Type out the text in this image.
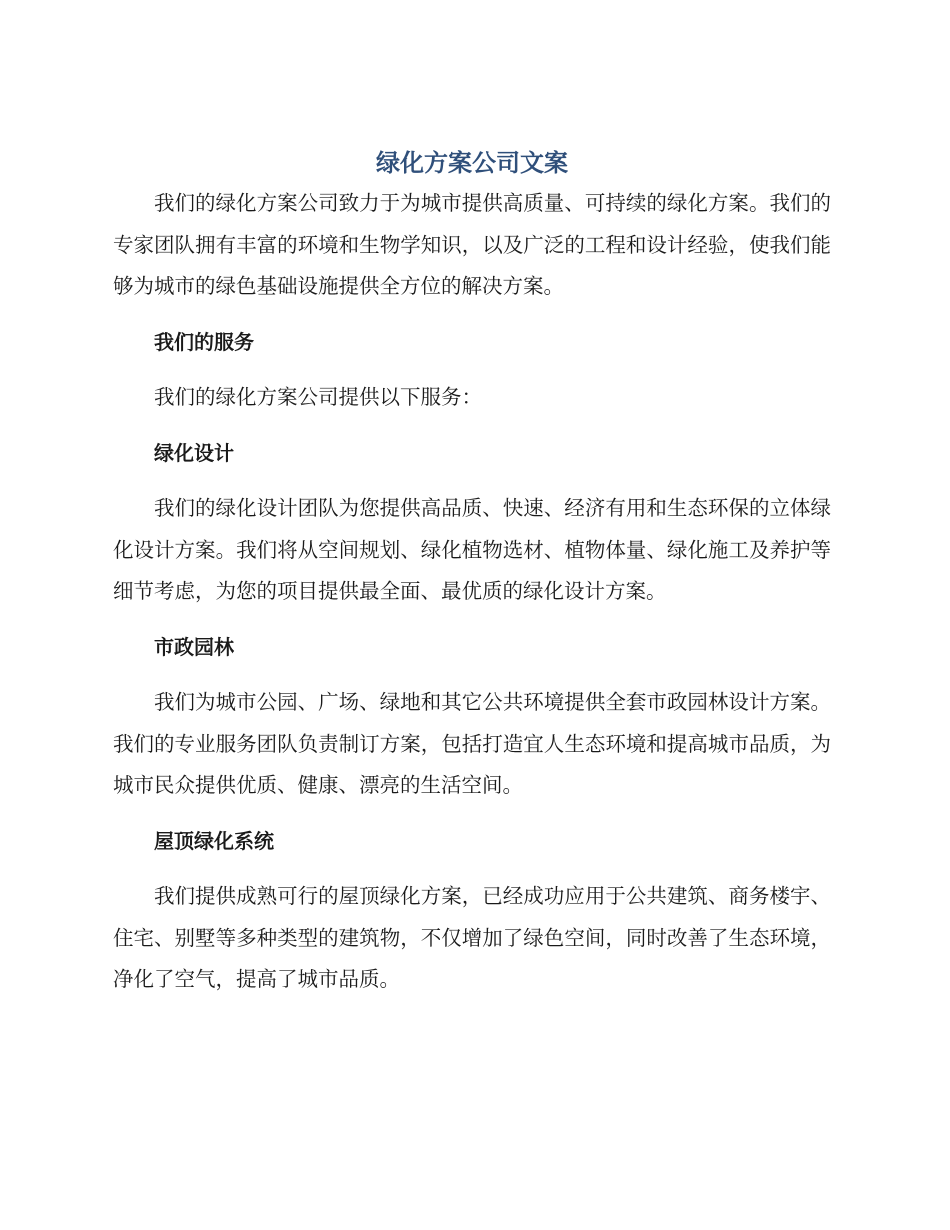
绿化方案公司文案

我们的绿化方案公司致力于为城市提供高质量、可持续的绿化方案。我们的专家团队拥有丰富的环境和生物学知识，以及广泛的工程和设计经验，使我们能够为城市的绿色基础设施提供全方位的解决方案。

我们的服务

我们的绿化方案公司提供以下服务：

绿化设计

我们的绿化设计团队为您提供高品质、快速、经济有用和生态环保的立体绿化设计方案。我们将从空间规划、绿化植物选材、植物体量、绿化施工及养护等细节考虑，为您的项目提供最全面、最优质的绿化设计方案。

市政园林

我们为城市公园、广场、绿地和其它公共环境提供全套市政园林设计方案。我们的专业服务团队负责制订方案，包括打造宜人生态环境和提高城市品质，为城市民众提供优质、健康、漂亮的生活空间。

屋顶绿化系统

我们提供成熟可行的屋顶绿化方案，已经成功应用于公共建筑、商务楼宇、住宅、别墅等多种类型的建筑物，不仅增加了绿色空间，同时改善了生态环境，净化了空气，提高了城市品质。
